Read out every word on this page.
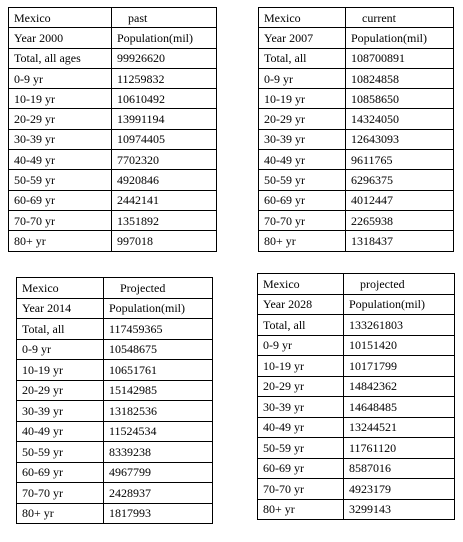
Mexico	past
Year 2000	Population(mil)
Total, all ages	99926620
0-9 yr	11259832
10-19 yr	10610492
20-29 yr	13991194
30-39 yr	10974405
40-49 yr	7702320
50-59 yr	4920846
60-69 yr	2442141
70-70 yr	1351892
80+ yr	997018
Mexico	current
Year 2007	Population(mil)
Total, all	108700891
0-9 yr	10824858
10-19 yr	10858650
20-29 yr	14324050
30-39 yr	12643093
40-49 yr	9611765
50-59 yr	6296375
60-69 yr	4012447
70-70 yr	2265938
80+ yr	1318437
Mexico	Projected
Year 2014	Population(mil)
Total, all	117459365
0-9 yr	10548675
10-19 yr	10651761
20-29 yr	15142985
30-39 yr	13182536
40-49 yr	11524534
50-59 yr	8339238
60-69 yr	4967799
70-70 yr	2428937
80+ yr	1817993
Mexico	projected
Year 2028	Population(mil)
Total, all	133261803
0-9 yr	10151420
10-19 yr	10171799
20-29 yr	14842362
30-39 yr	14648485
40-49 yr	13244521
50-59 yr	11761120
60-69 yr	8587016
70-70 yr	4923179
80+ yr	3299143
